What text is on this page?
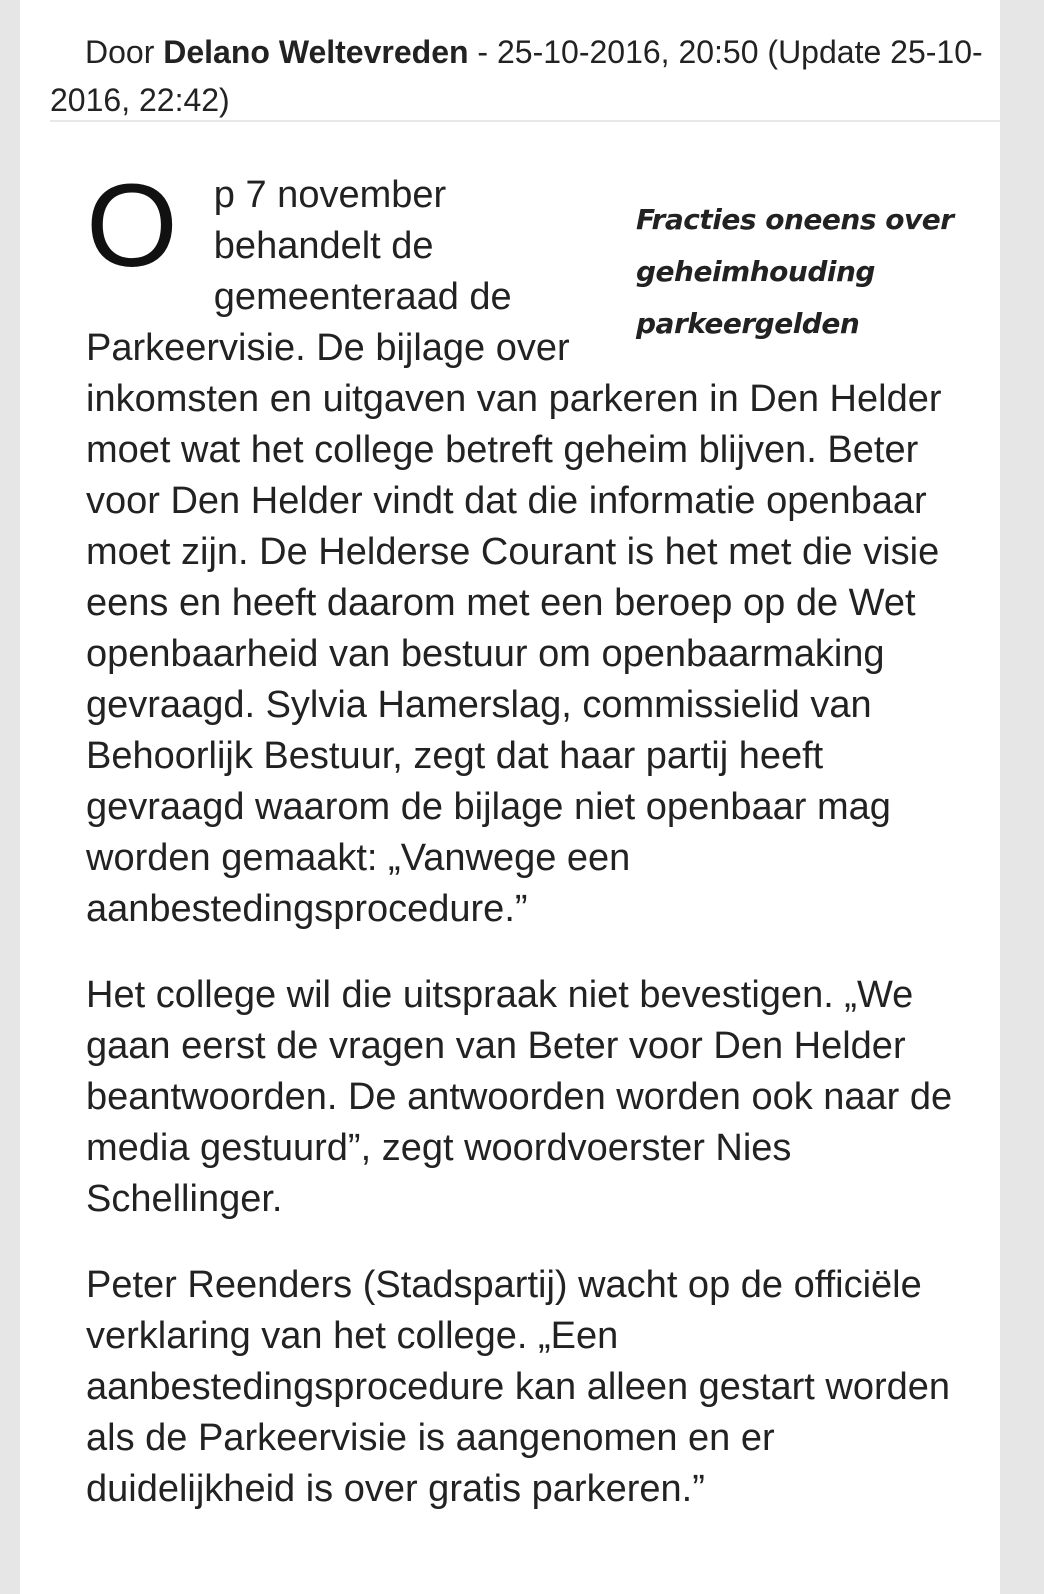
Door Delano Weltevreden - 25-10-2016, 20:50 (Update 25-10-2016, 22:42)
Fracties oneens over geheimhouding parkeergelden

Op 7 november behandelt de gemeenteraad de Parkeervisie. De bijlage over inkomsten en uitgaven van parkeren in Den Helder moet wat het college betreft geheim blijven. Beter voor Den Helder vindt dat die informatie openbaar moet zijn. De Helderse Courant is het met die visie eens en heeft daarom met een beroep op de Wet openbaarheid van bestuur om openbaarmaking gevraagd. Sylvia Hamerslag, commissielid van Behoorlijk Bestuur, zegt dat haar partij heeft gevraagd waarom de bijlage niet openbaar mag worden gemaakt: „Vanwege een aanbestedingsprocedure.”

Het college wil die uitspraak niet bevestigen. „We gaan eerst de vragen van Beter voor Den Helder beantwoorden. De antwoorden worden ook naar de media gestuurd”, zegt woordvoerster Nies Schellinger.

Peter Reenders (Stadspartij) wacht op de officiële verklaring van het college. „Een aanbestedingsprocedure kan alleen gestart worden als de Parkeervisie is aangenomen en er duidelijkheid is over gratis parkeren.”
